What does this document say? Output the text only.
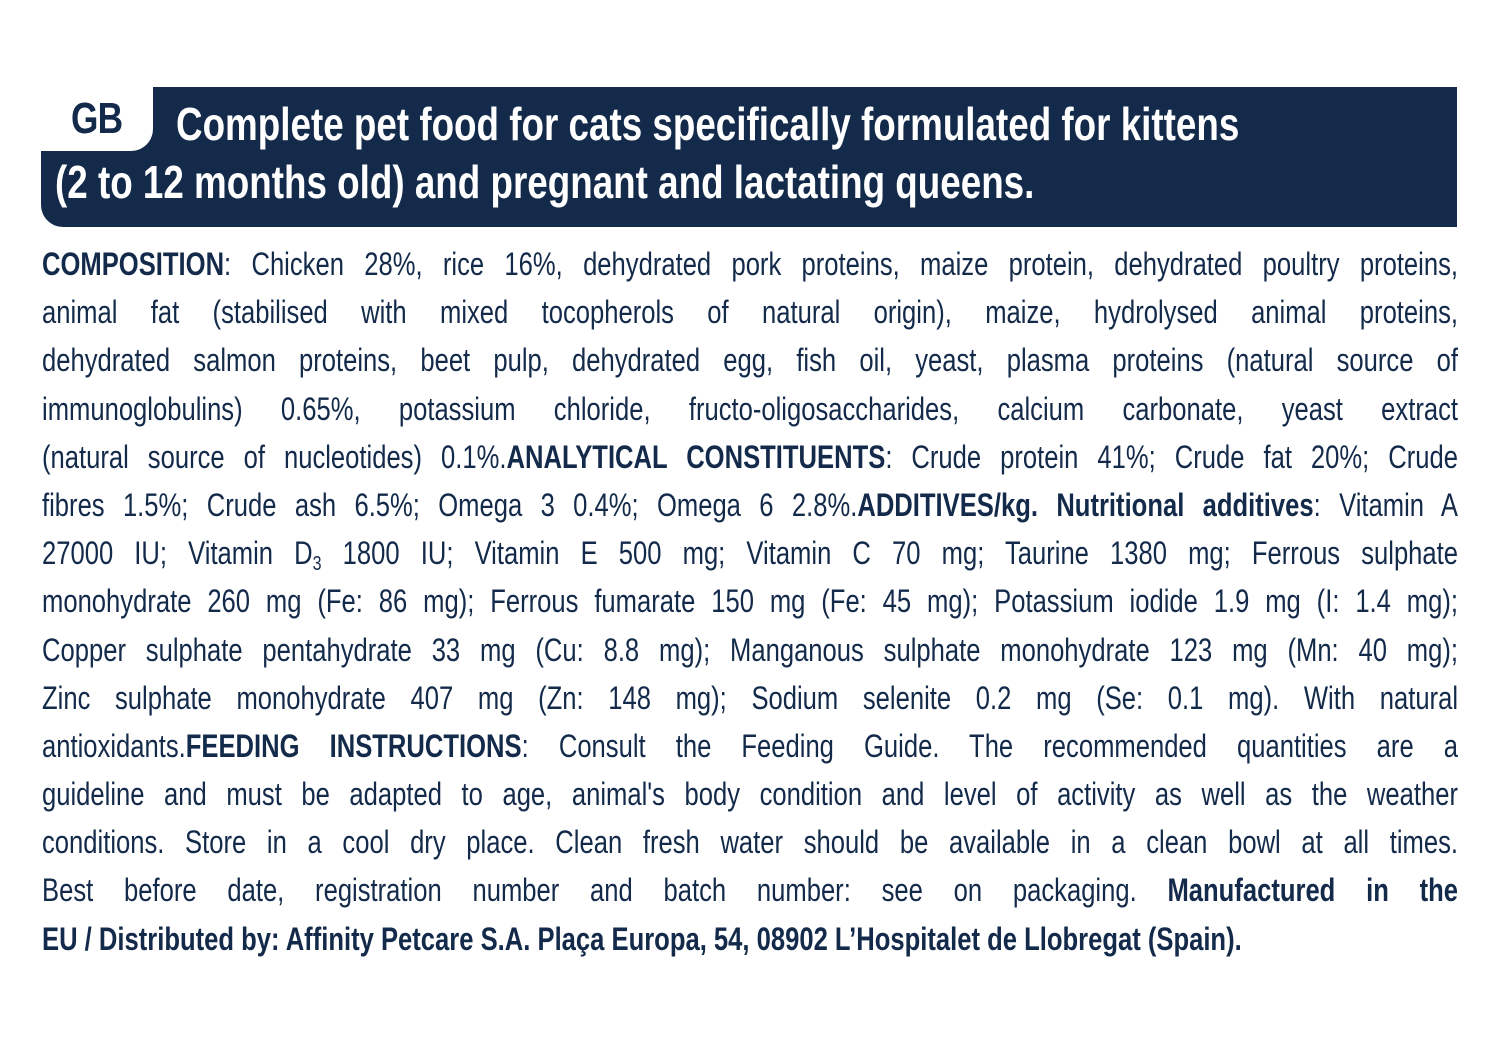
GB Complete pet food for cats specifically formulated for kittens
(2 to 12 months old) and pregnant and lactating queens.
COMPOSITION: Chicken 28%, rice 16%, dehydrated pork proteins, maize protein, dehydrated poultry proteins,
animal fat (stabilised with mixed tocopherols of natural origin), maize, hydrolysed animal proteins,
dehydrated salmon proteins, beet pulp, dehydrated egg, fish oil, yeast, plasma proteins (natural source of
immunoglobulins) 0.65%, potassium chloride, fructo-oligosaccharides, calcium carbonate, yeast extract
(natural source of nucleotides) 0.1%.ANALYTICAL CONSTITUENTS: Crude protein 41%; Crude fat 20%; Crude
fibres 1.5%; Crude ash 6.5%; Omega 3 0.4%; Omega 6 2.8%.ADDITIVES/kg. Nutritional additives: Vitamin A
27000 IU; Vitamin $D_3$ 1800 IU; Vitamin E 500 mg; Vitamin C 70 mg; Taurine 1380 mg; Ferrous sulphate
monohydrate 260 mg (Fe: 86 mg); Ferrous fumarate 150 mg (Fe: 45 mg); Potassium iodide 1.9 mg (I: 1.4 mg);
Copper sulphate pentahydrate 33 mg (Cu: 8.8 mg); Manganous sulphate monohydrate 123 mg (Mn: 40 mg);
Zinc sulphate monohydrate 407 mg (Zn: 148 mg); Sodium selenite 0.2 mg (Se: 0.1 mg). With natural
antioxidants.FEEDING INSTRUCTIONS: Consult the Feeding Guide. The recommended quantities are a
guideline and must be adapted to age, animal's body condition and level of activity as well as the weather
conditions. Store in a cool dry place. Clean fresh water should be available in a clean bowl at all times.
Best before date, registration number and batch number: see on packaging. Manufactured in the
EU / Distributed by: Affinity Petcare S.A. Plaça Europa, 54, 08902 L’Hospitalet de Llobregat (Spain).
